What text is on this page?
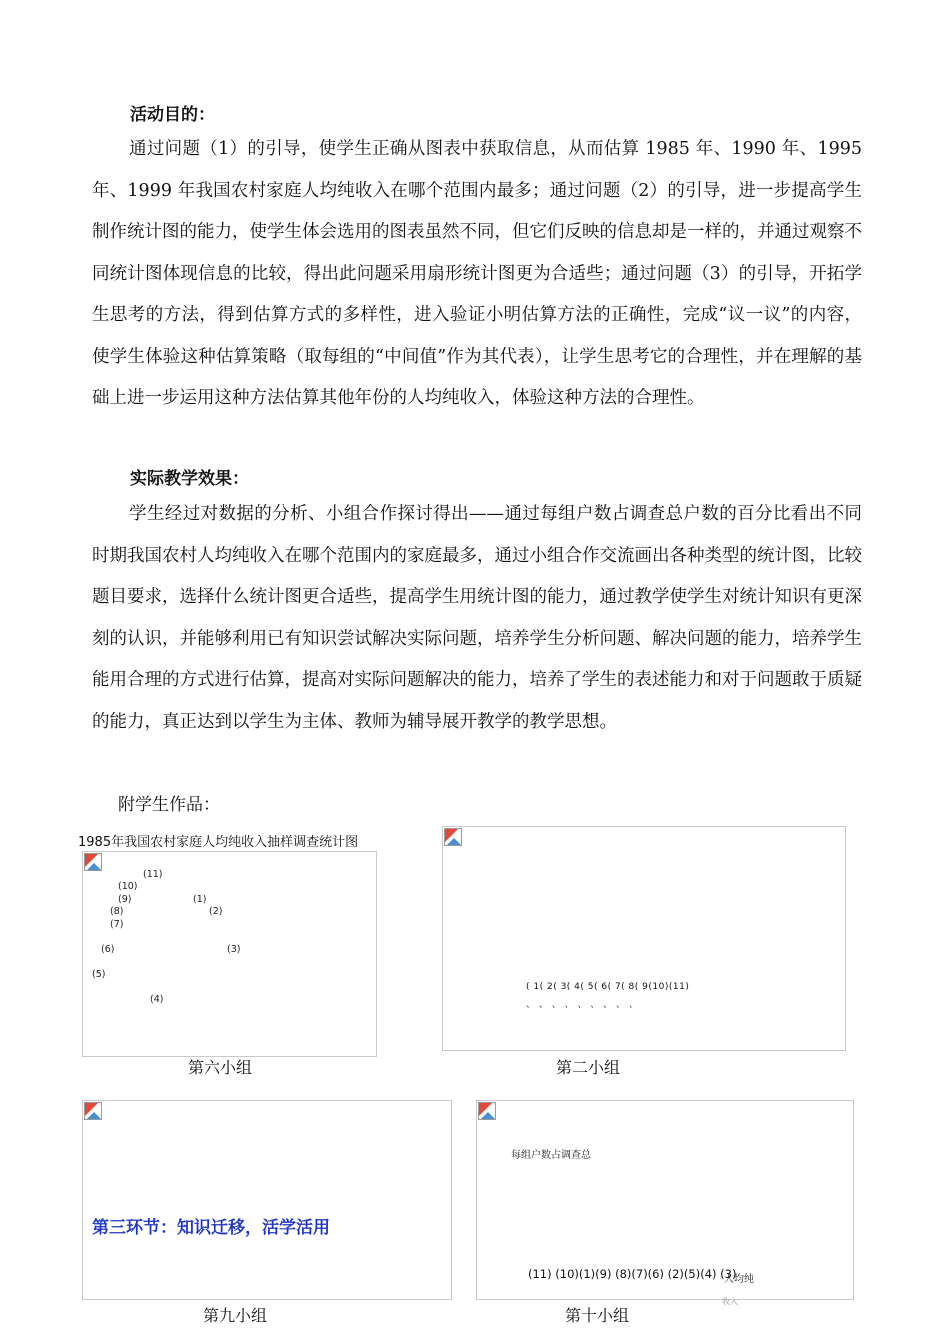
活动目的：

通过问题（1）的引导，使学生正确从图表中获取信息，从而估算 1985 年、1990 年、1995 年、1999 年我国农村家庭人均纯收入在哪个范围内最多；通过问题（2）的引导，进一步提高学生制作统计图的能力，使学生体会选用的图表虽然不同，但它们反映的信息却是一样的，并通过观察不同统计图体现信息的比较，得出此问题采用扇形统计图更为合适些；通过问题（3）的引导，开拓学生思考的方法，得到估算方式的多样性，进入验证小明估算方法的正确性，完成“议一议”的内容，使学生体验这种估算策略（取每组的“中间值”作为其代表），让学生思考它的合理性，并在理解的基础上进一步运用这种方法估算其他年份的人均纯收入，体验这种方法的合理性。

实际教学效果：

学生经过对数据的分析、小组合作探讨得出——通过每组户数占调查总户数的百分比看出不同时期我国农村人均纯收入在哪个范围内的家庭最多，通过小组合作交流画出各种类型的统计图，比较题目要求，选择什么统计图更合适些，提高学生用统计图的能力，通过教学使学生对统计知识有更深刻的认识，并能够利用已有知识尝试解决实际问题，培养学生分析问题、解决问题的能力，培养学生能用合理的方式进行估算，提高对实际问题解决的能力，培养了学生的表述能力和对于问题敢于质疑的能力，真正达到以学生为主体、教师为辅导展开教学的教学思想。

附学生作品：
1985年我国农村家庭人均纯收入抽样调查统计图
(11)
(10)
(9)
(8)
(7)
(1)
(2)
(6)	(3)
(5)
(4)
第六小组
( 1( 2( 3( 4( 5( 6( 7( 8( 9(10)(11)
、 、 、 、 、 、 、 、 、
第二小组
第三环节：知识迁移，活学活用
第九小组
每组户数占调查总
(11) (10)(1)(9) (8)(7)(6) (2)(5)(4) (3)
人均纯
收入
第十小组
